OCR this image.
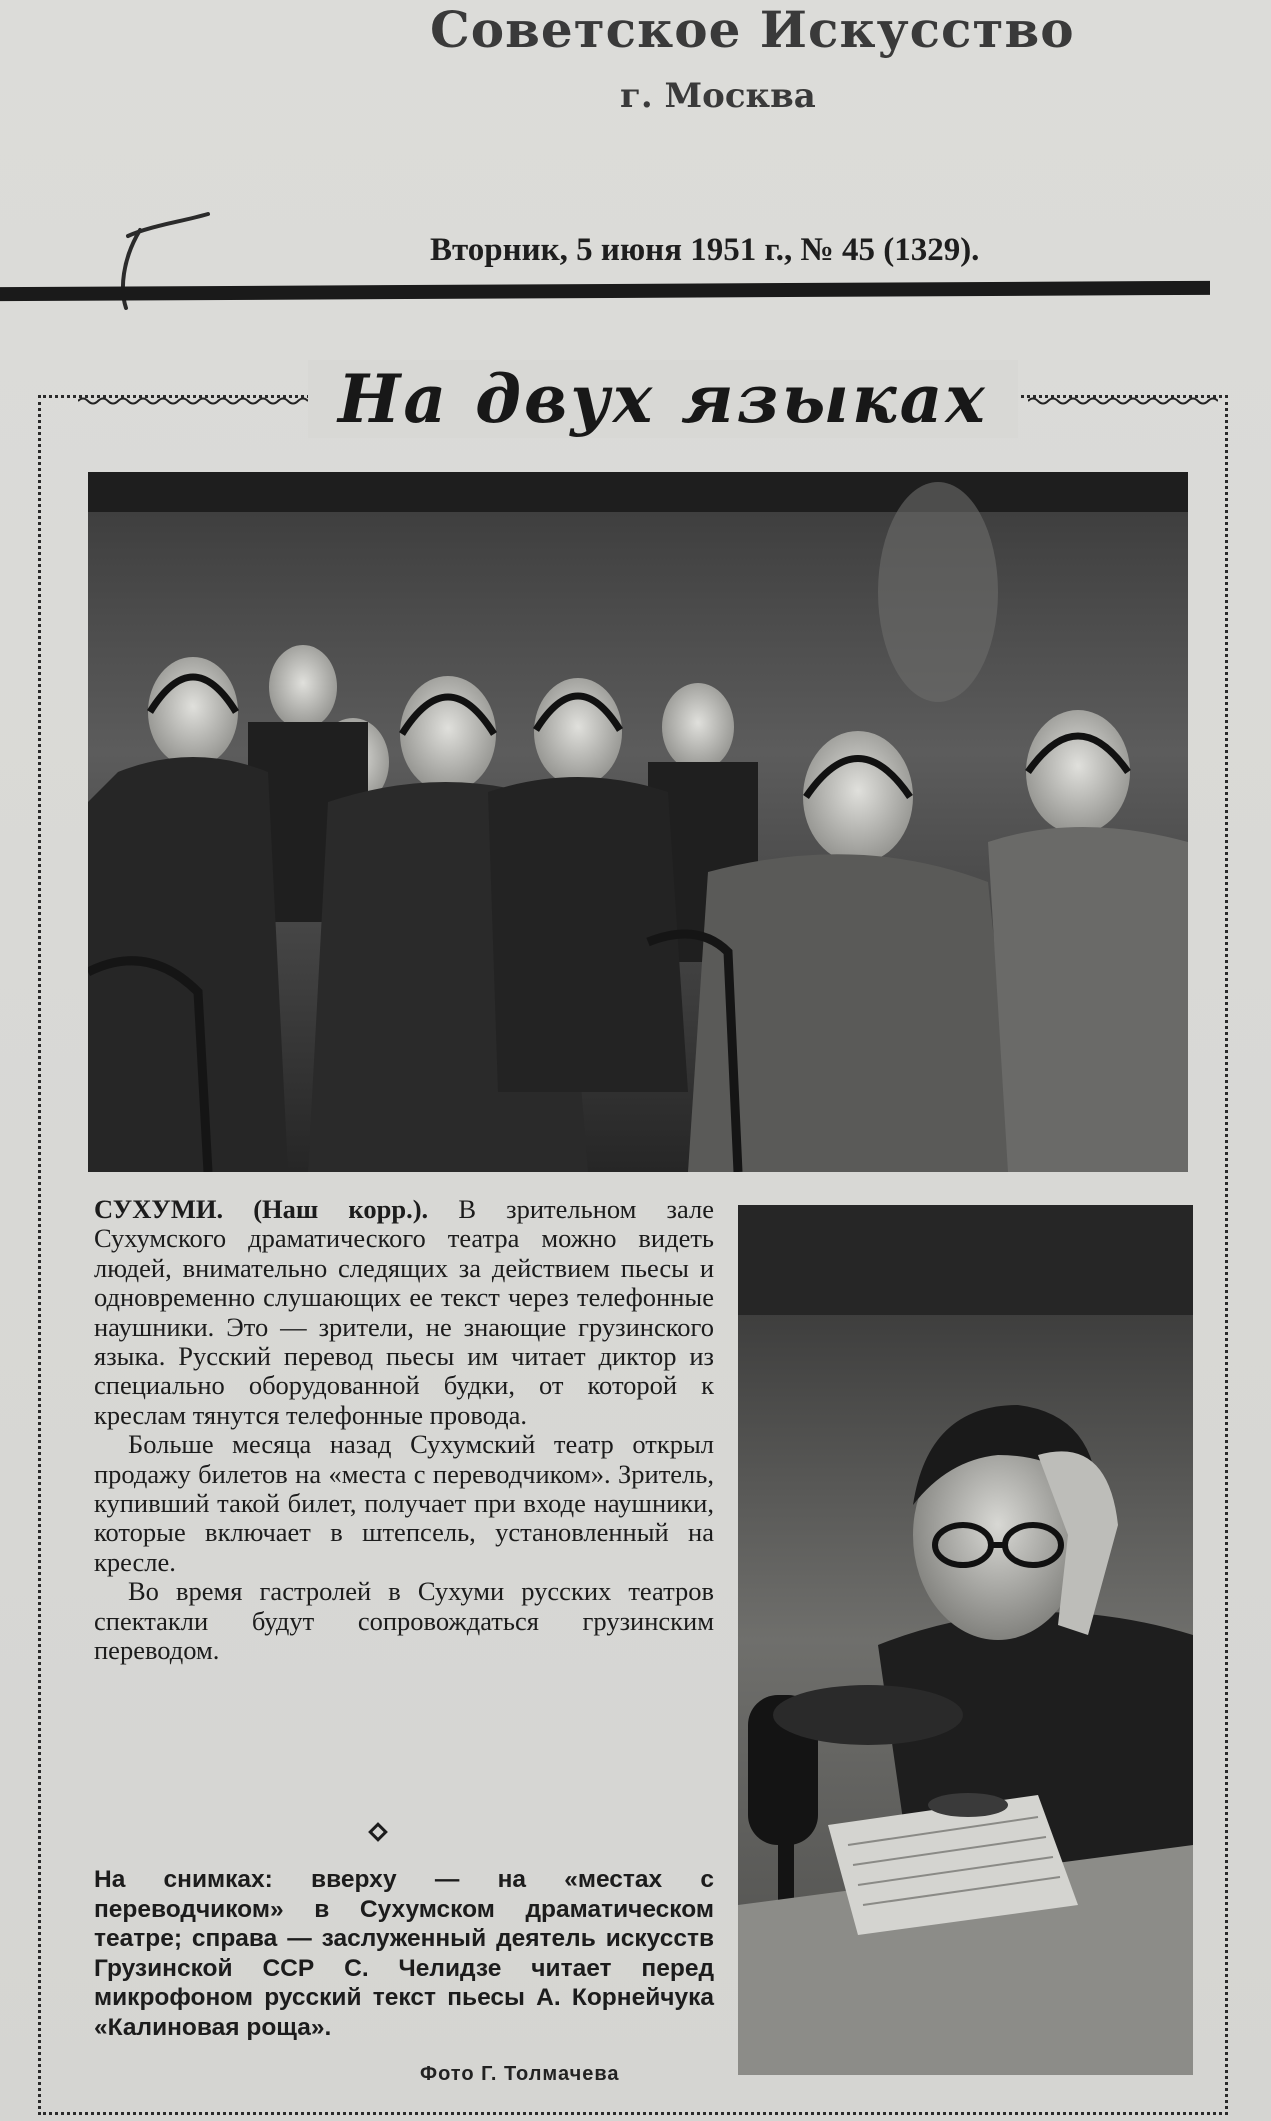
Советское Искусство
г. Москва
Вторник, 5 июня 1951 г., № 45 (1329).
На двух языках

СУХУМИ. (Наш корр.). В зрительном зале Сухумского драматического театра можно видеть людей, внимательно следящих за действием пьесы и одновременно слушающих ее текст через телефонные наушники. Это — зрители, не знающие грузинского языка. Русский перевод пьесы им читает диктор из специально оборудованной будки, от которой к креслам тянутся телефонные провода.

Больше месяца назад Сухумский театр открыл продажу билетов на «места с переводчиком». Зритель, купивший такой билет, получает при входе наушники, которые включает в штепсель, установленный на кресле.

Во время гастролей в Сухуми русских театров спектакли будут сопровождаться грузинским переводом.

На снимках: вверху — на «местах с переводчиком» в Сухумском драматическом театре; справа — заслуженный деятель искусств Грузинской ССР С. Челидзе читает перед микрофоном русский текст пьесы А. Корнейчука «Калиновая роща».
Фото Г. Толмачева
